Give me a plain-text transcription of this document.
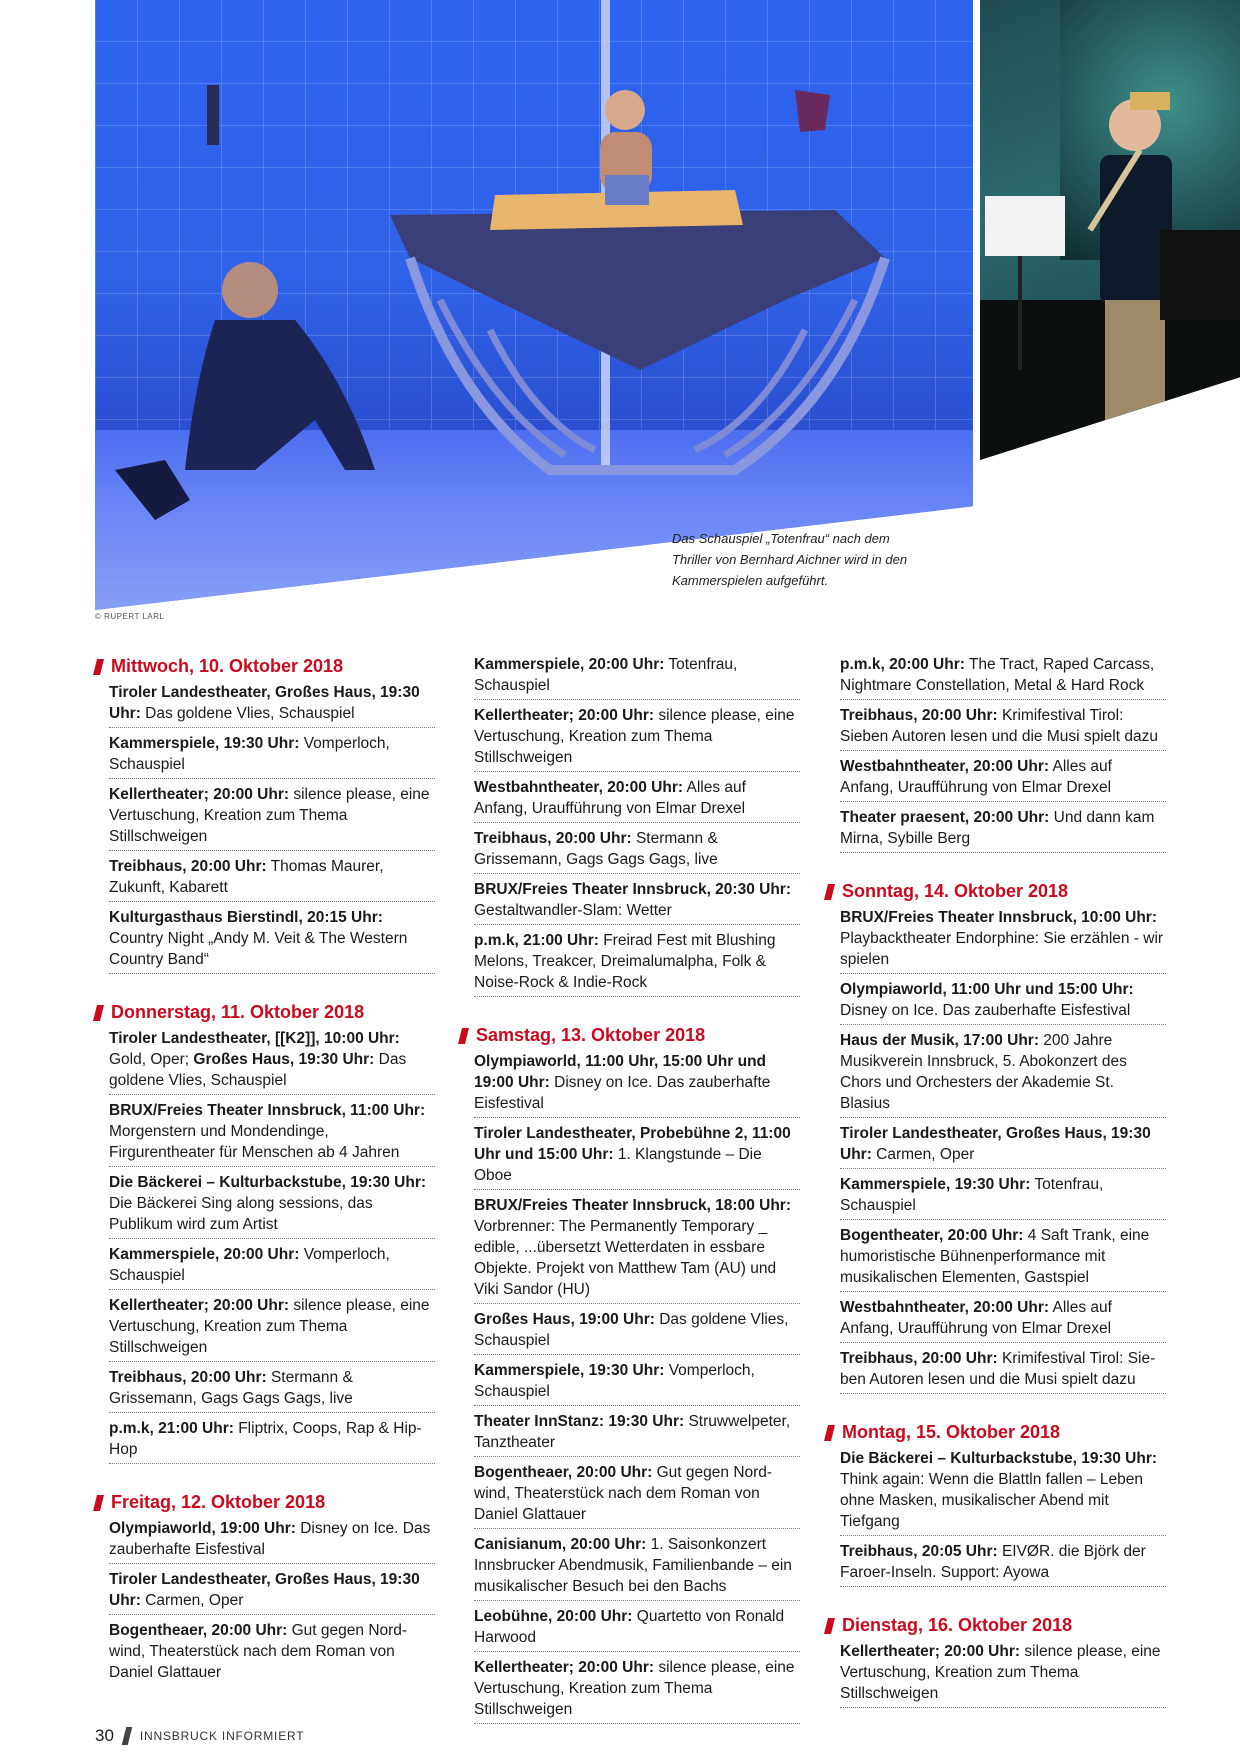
© RUPERT LARL
Das Schauspiel „Totenfrau“ nach dem Thriller von Bernhard Aichner wird in den Kammerspielen aufgeführt.
Mittwoch, 10. Oktober 2018
Tiroler Landestheater, Großes Haus, 19:30 Uhr: Das goldene Vlies, Schauspiel
Kammerspiele, 19:30 Uhr: Vomperloch, Schauspiel
Kellertheater; 20:00 Uhr: silence please, eine Vertuschung, Kreation zum Thema Stillschweigen
Treibhaus, 20:00 Uhr: Thomas Maurer, Zukunft, Kabarett
Kulturgasthaus Bierstindl, 20:15 Uhr: Country Night „Andy M. Veit & The Western Country Band“
Donnerstag, 11. Oktober 2018
Tiroler Landestheater, [[K2]], 10:00 Uhr: Gold, Oper; Großes Haus, 19:30 Uhr: Das goldene Vlies, Schauspiel
BRUX/Freies Theater Innsbruck, 11:00 Uhr: Morgenstern und Mondendinge, Firgurentheater für Menschen ab 4 Jahren
Die Bäckerei – Kulturbackstube, 19:30 Uhr: Die Bäckerei Sing along sessions, das Publikum wird zum Artist
Kammerspiele, 20:00 Uhr: Vomperloch, Schauspiel
Kellertheater; 20:00 Uhr: silence please, eine Vertuschung, Kreation zum Thema Stillschweigen
Treibhaus, 20:00 Uhr: Stermann & Grissemann, Gags Gags Gags, live
p.m.k, 21:00 Uhr: Fliptrix, Coops, Rap & Hip-Hop
Freitag, 12. Oktober 2018
Olympiaworld, 19:00 Uhr: Disney on Ice. Das zauberhafte Eisfestival
Tiroler Landestheater, Großes Haus, 19:30 Uhr: Carmen, Oper
Bogentheaer, 20:00 Uhr: Gut gegen Nord-wind, Theaterstück nach dem Roman von Daniel Glattauer
Kammerspiele, 20:00 Uhr: Totenfrau, Schauspiel
Kellertheater; 20:00 Uhr: silence please, eine Vertuschung, Kreation zum Thema Stillschweigen
Westbahntheater, 20:00 Uhr: Alles auf Anfang, Uraufführung von Elmar Drexel
Treibhaus, 20:00 Uhr: Stermann & Grissemann, Gags Gags Gags, live
BRUX/Freies Theater Innsbruck, 20:30 Uhr: Gestaltwandler-Slam: Wetter
p.m.k, 21:00 Uhr: Freirad Fest mit Blushing Melons, Treakcer, Dreimalumalpha, Folk & Noise-Rock & Indie-Rock
Samstag, 13. Oktober 2018
Olympiaworld, 11:00 Uhr, 15:00 Uhr und 19:00 Uhr: Disney on Ice. Das zauberhafte Eisfestival
Tiroler Landestheater, Probebühne 2, 11:00 Uhr und 15:00 Uhr: 1. Klangstunde – Die Oboe
BRUX/Freies Theater Innsbruck, 18:00 Uhr: Vorbrenner: The Permanently Temporary _ edible, ...übersetzt Wetterdaten in essbare Objekte. Projekt von Matthew Tam (AU) und Viki Sandor (HU)
Großes Haus, 19:00 Uhr: Das goldene Vlies, Schauspiel
Kammerspiele, 19:30 Uhr: Vomperloch, Schauspiel
Theater InnStanz: 19:30 Uhr: Struwwelpeter, Tanztheater
Bogentheaer, 20:00 Uhr: Gut gegen Nord-wind, Theaterstück nach dem Roman von Daniel Glattauer
Canisianum, 20:00 Uhr: 1. Saisonkonzert Innsbrucker Abendmusik, Familienbande – ein musikalischer Besuch bei den Bachs
Leobühne, 20:00 Uhr: Quartetto von Ronald Harwood
Kellertheater; 20:00 Uhr: silence please, eine Vertuschung, Kreation zum Thema Stillschweigen
p.m.k, 20:00 Uhr: The Tract, Raped Carcass, Nightmare Constellation, Metal & Hard Rock
Treibhaus, 20:00 Uhr: Krimifestival Tirol: Sieben Autoren lesen und die Musi spielt dazu
Westbahntheater, 20:00 Uhr: Alles auf Anfang, Uraufführung von Elmar Drexel
Theater praesent, 20:00 Uhr: Und dann kam Mirna, Sybille Berg
Sonntag, 14. Oktober 2018
BRUX/Freies Theater Innsbruck, 10:00 Uhr: Playbacktheater Endorphine: Sie erzählen - wir spielen
Olympiaworld, 11:00 Uhr und 15:00 Uhr: Disney on Ice. Das zauberhafte Eisfestival
Haus der Musik, 17:00 Uhr: 200 Jahre Musikverein Innsbruck, 5. Abokonzert des Chors und Orchesters der Akademie St. Blasius
Tiroler Landestheater, Großes Haus, 19:30 Uhr: Carmen, Oper
Kammerspiele, 19:30 Uhr: Totenfrau, Schauspiel
Bogentheater, 20:00 Uhr: 4 Saft Trank, eine humoristische Bühnenperformance mit musikalischen Elementen, Gastspiel
Westbahntheater, 20:00 Uhr: Alles auf Anfang, Uraufführung von Elmar Drexel
Treibhaus, 20:00 Uhr: Krimifestival Tirol: Sie-ben Autoren lesen und die Musi spielt dazu
Montag, 15. Oktober 2018
Die Bäckerei – Kulturbackstube, 19:30 Uhr: Think again: Wenn die Blattln fallen – Leben ohne Masken, musikalischer Abend mit Tiefgang
Treibhaus, 20:05 Uhr: EIVØR. die Björk der Faroer-Inseln. Support: Ayowa
Dienstag, 16. Oktober 2018
Kellertheater; 20:00 Uhr: silence please, eine Vertuschung, Kreation zum Thema Stillschweigen
30 INNSBRUCK INFORMIERT
